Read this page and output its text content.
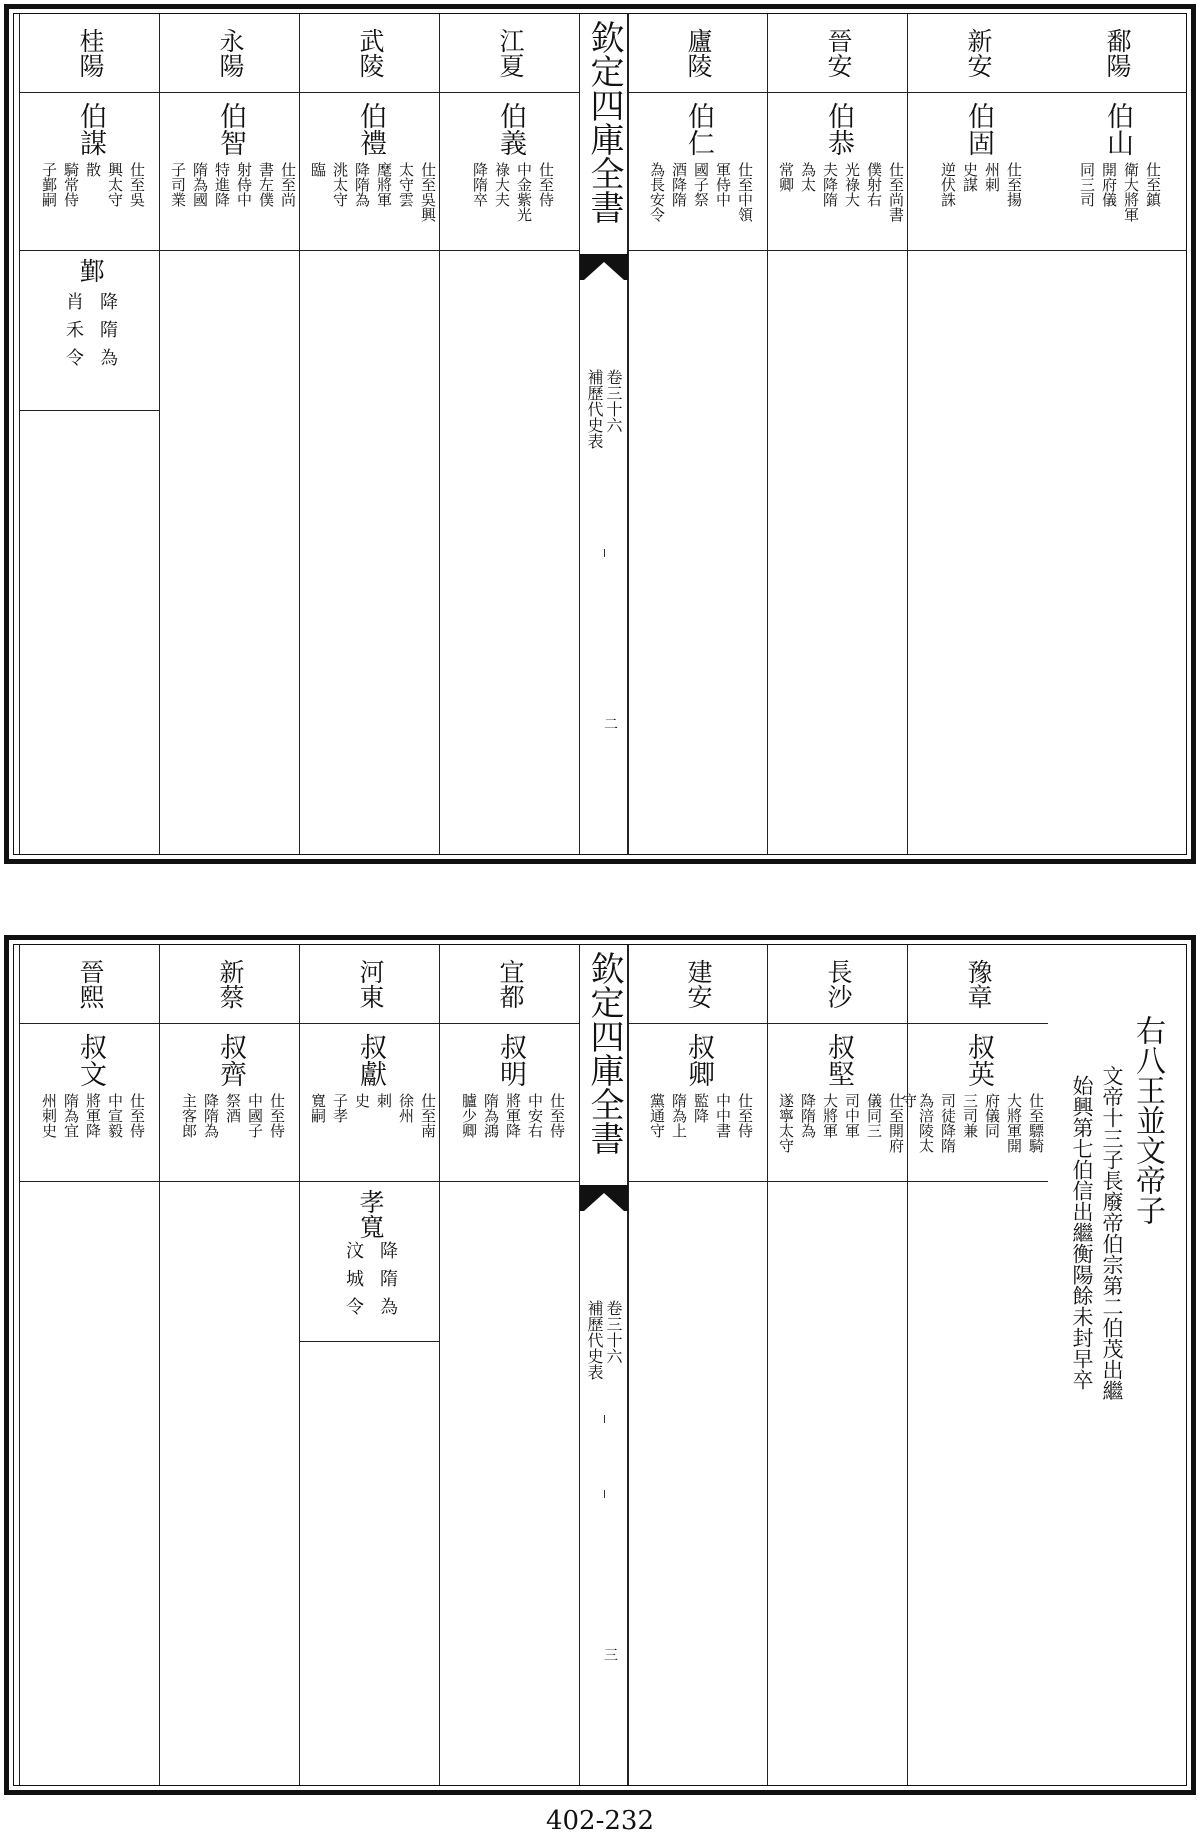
鄱陽
伯山
仕至鎮
衛大將軍
開府儀
同三司
新安
伯固
仕至揚
州刺
史謀
逆伏誅
晉安
伯恭
仕至尚書
僕射右
光祿大
夫降隋
為太
常卿
廬陵
伯仁
仕至中領
軍侍中
國子祭
酒降隋
為長安令
欽定四庫全書
補歷代史表 卷三十六
二
江夏
伯義
仕至侍
中金紫光
祿大夫
降隋卒
武陵
伯禮
仕至吳興
太守雲
麾將軍
降隋為
洮太守
臨
永陽
伯智
仕至尚
書左僕
射侍中
特進降
隋為國
子司業
桂陽
伯謀
仕至吳
興太守
散
騎常侍
子鄞嗣
鄞
降隋為
肖禾令
右八王並文帝子
文帝十三子長廢帝伯宗第二伯茂出繼
始興第七伯信出繼衡陽餘未封早卒
豫章
叔英
仕至驃騎
大將軍開
府儀同
三司兼
司徒降隋
為涪陵太守
長沙
叔堅
仕至開府
儀同三
司中軍
大將軍
降隋為
遂寧太守
建安
叔卿
仕至侍
中中書
監降
隋為上
黨通守
欽定四庫全書
補歷代史表 卷三十六
三
宜都
叔明
仕至侍
中安右
將軍降
隋為鴻
臚少卿
河東
叔獻
仕至南
徐州
刺
史
子孝
寬嗣
孝寬
降隋為
汶城令
新蔡
叔齊
仕至侍
中國子
祭酒
降隋為
主客郎
晉熙
叔文
仕至侍
中宣毅
將軍降
隋為宜
州刺史
402-232
